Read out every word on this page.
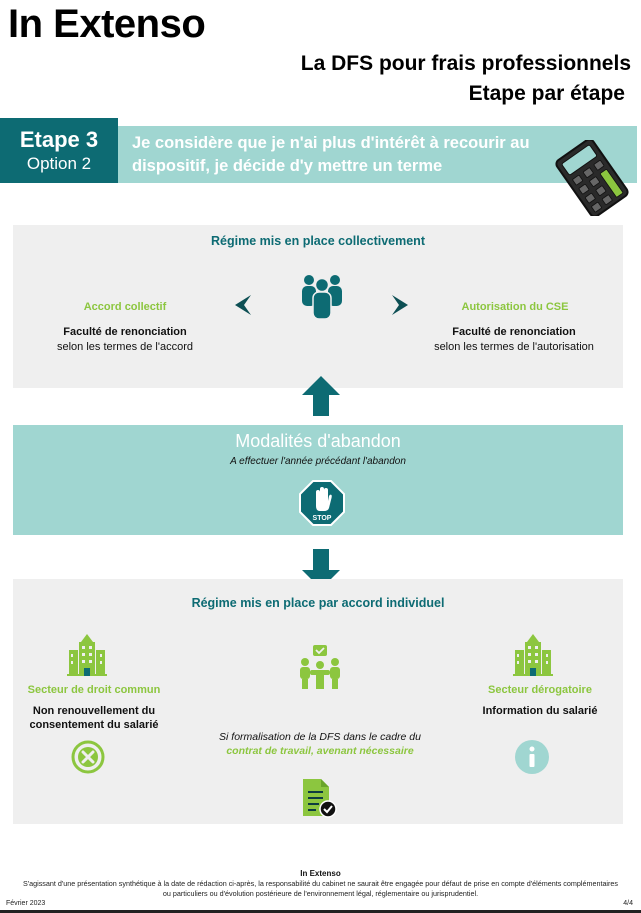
In Extenso
La DFS pour frais professionnels
Etape par étape
Etape 3
Option 2
Je considère que je n'ai plus d'intérêt à recourir au dispositif, je décide d'y mettre un terme
Régime mis en place collectivement
Accord collectif
Faculté de renonciation
selon les termes de l'accord
Autorisation du CSE
Faculté de renonciation
selon les termes de l'autorisation
Modalités d'abandon
A effectuer l'année précédant l'abandon
STOP
Régime mis en place par accord individuel
Secteur de droit commun
Non renouvellement du
consentement du salarié
Secteur dérogatoire
Information du salarié
Si formalisation de la DFS dans le cadre du
contrat de travail, avenant nécessaire
In Extenso
S'agissant d'une présentation synthétique à la date de rédaction ci-après, la responsabilité du cabinet ne saurait être engagée pour défaut de prise en compte d'éléments complémentaires
ou particuliers ou d'évolution postérieure de l'environnement légal, réglementaire ou jurisprudentiel.
Février 2023	4/4
